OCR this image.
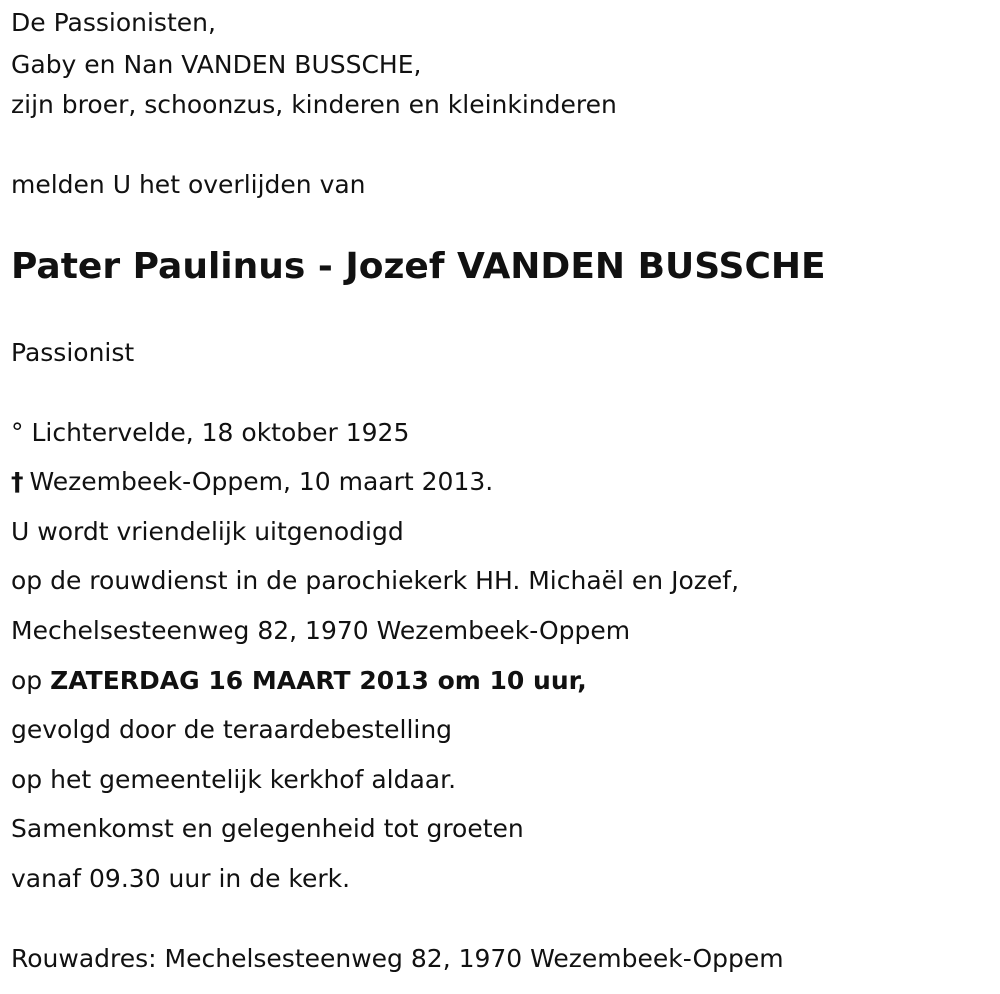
De Passionisten,

Gaby en Nan VANDEN BUSSCHE,

zijn broer, schoonzus, kinderen en kleinkinderen

melden U het overlijden van

Pater Paulinus - Jozef VANDEN BUSSCHE

Passionist

° Lichtervelde, 18 oktober 1925

† Wezembeek-Oppem, 10 maart 2013.

U wordt vriendelijk uitgenodigd

op de rouwdienst in de parochiekerk HH. Michaël en Jozef,

Mechelsesteenweg 82, 1970 Wezembeek-Oppem

op ZATERDAG 16 MAART 2013 om 10 uur,

gevolgd door de teraardebestelling

op het gemeentelijk kerkhof aldaar.

Samenkomst en gelegenheid tot groeten

vanaf 09.30 uur in de kerk.

Rouwadres: Mechelsesteenweg 82, 1970 Wezembeek-Oppem
